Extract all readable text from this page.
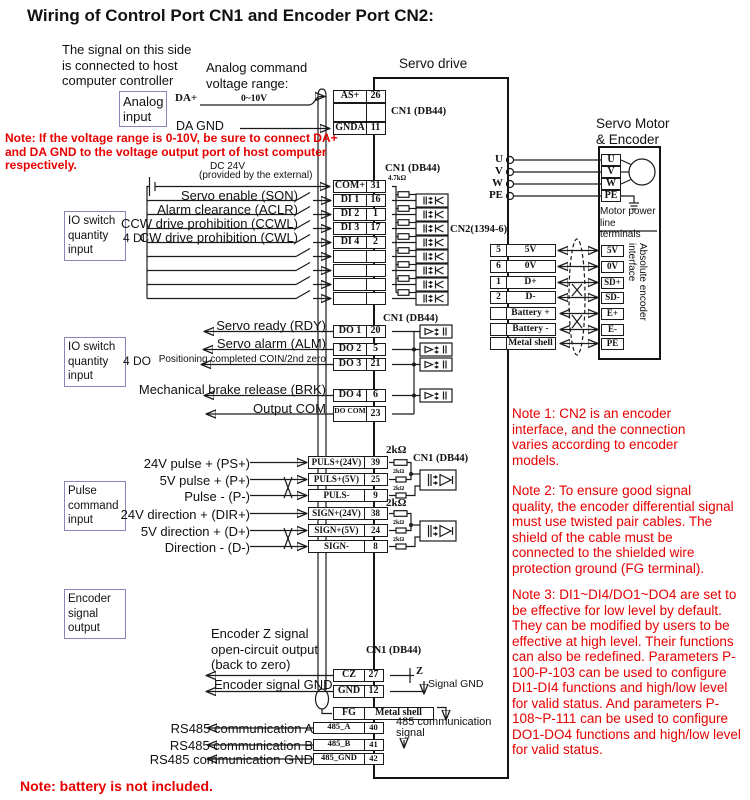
Wiring of Control Port CN1 and Encoder Port CN2:
The signal on this side
is connected to host
computer controller
Analog command
voltage range:
Servo drive
Analog
input
DA+	0~10V
DA GND
Note: If the voltage range is 0-10V, be sure to connect DA+ and DA GND to the voltage output port of host computer respectively.	DC 24V
(provided by the external)
IO switch
quantity
input
4 DI
IO switch
quantity
input
4 DO
Pulse
command
input
Encoder
signal
output
Servo enable (SON)
Alarm clearance (ACLR)
CCW drive prohibition (CCWL)
CW drive prohibition (CWL)
Servo ready (RDY)
Servo alarm (ALM)
Positioning completed COIN/2nd zero
Mechanical brake release (BRK)
Output COM
24V pulse + (PS+)
5V pulse + (P+)
Pulse - (P-)
24V direction + (DIR+)
5V direction + (D+)
Direction - (D-)
Encoder Z signal
open-circuit output
(back to zero)
Encoder signal GND
RS485 communication A
RS485 communication B
RS485 communication GND
Note: battery is not included.
CN1 (DB44)
CN1 (DB44)
4.7kΩ
CN1 (DB44)
CN1 (DB44)
CN1 (DB44)
2kΩ
2kΩ
2kΩ
2kΩ
2kΩ
2kΩ
Z
Signal GND
485 communication
signal
CN2(1394-6)
Servo Motor
& Encoder
U
V
W
PE
Motor power
line terminals
Absolute encoder interface
Note 1: CN2 is an encoder interface, and the connection varies according to encoder models.
Note 2: To ensure good signal quality, the encoder differential signal must use twisted pair cables. The shield of the cable must be connected to the shielded wire protection ground (FG terminal).
Note 3: DI1~DI4/DO1~DO4 are set to be effective for low level by default. They can be modified by users to be effective at high level. Their functions can also be redefined. Parameters P-100-P-103 can be used to configure DI1-DI4 functions and high/low level for valid status. And parameters P-108~P-111 can be used to configure DO1-DO4 functions and high/low level for valid status.
AS+	26
GNDA 11
COM+ 31
DI 1	16
DI 2	1
DI 3	17
DI 4	2
DO 1 20
DO 2	5
DO 3 21
DO 4	6
DO COM 23
PULS+(24V)	39
PULS+(5V)	25
PULS-	9
SIGN+(24V)	38
SIGN+(5V)	24
SIGN-	8
CZ	27
GND 12
FG	Metal shell
485_A	40
485_B	41
485_GND	42
5	5V
6	0V
1	D+
2	D-
Battery +
Battery -
Metal shell
U
V
W
PE
5V
0V
SD+
SD-
E+
E-
PE
